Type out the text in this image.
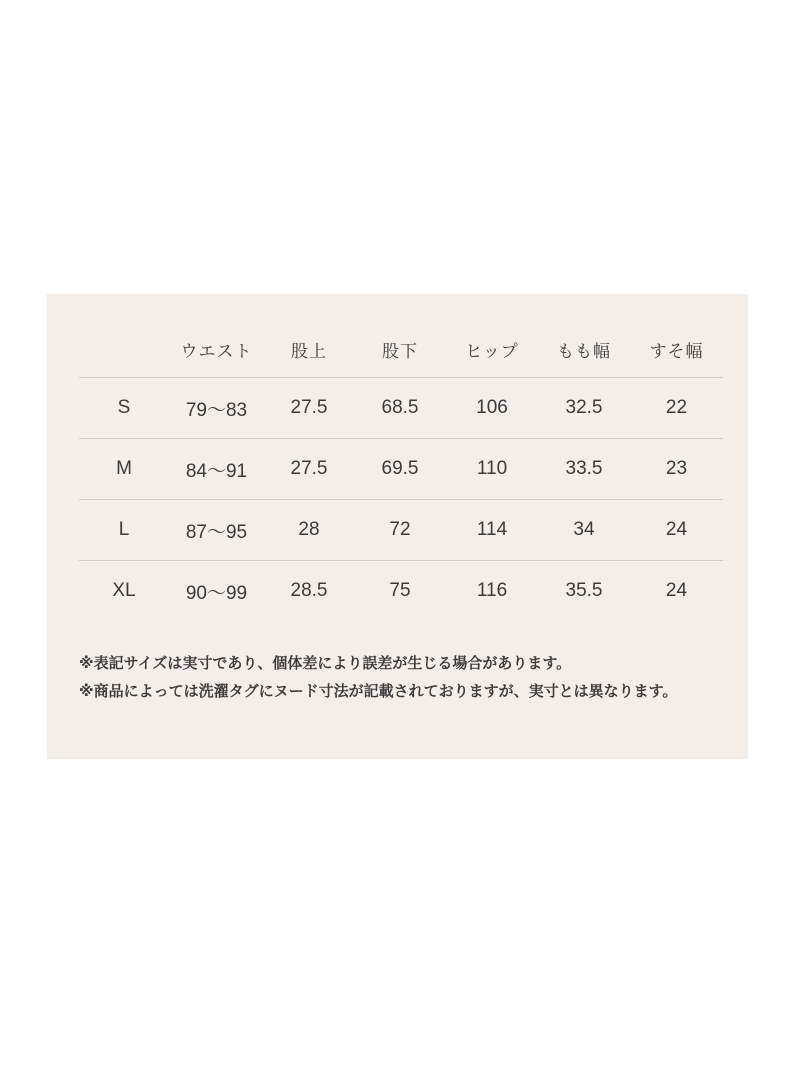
	ウエスト	股上	股下	ヒップ	もも幅	すそ幅
S	79〜83	27.5	68.5	106	32.5	22
M	84〜91	27.5	69.5	110	33.5	23
L	87〜95	28	72	114	34	24
XL	90〜99	28.5	75	116	35.5	24

※表記サイズは実寸であり、個体差により誤差が生じる場合があります。

※商品によっては洗濯タグにヌード寸法が記載されておりますが、実寸とは異なります。
